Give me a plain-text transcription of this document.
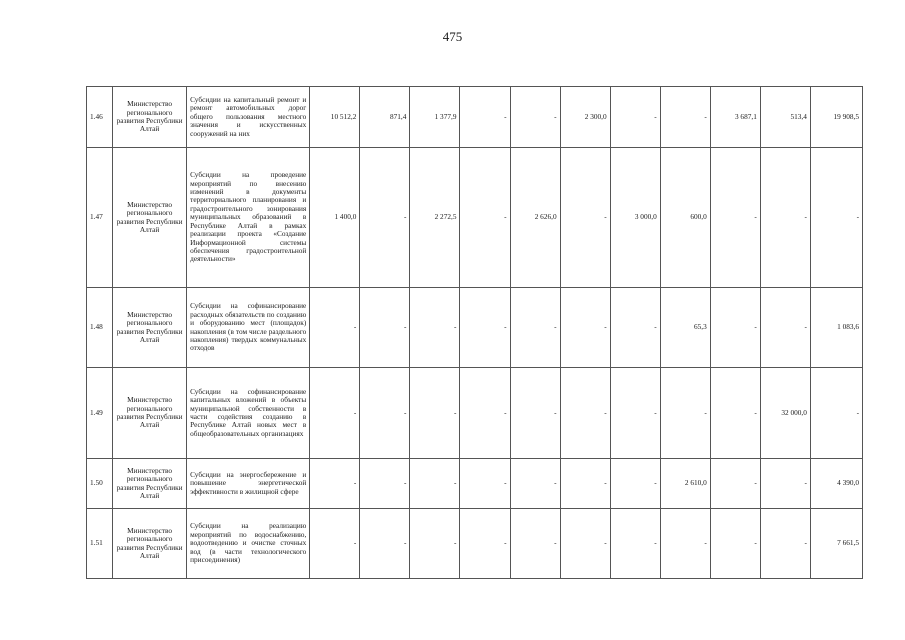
475
1.46	Министерство регионального развития Республики Алтай	Субсидии на капитальный ремонт и ремонт автомобильных дорог общего пользования местного значения и искусственных сооружений на них	10 512,2	871,4	1 377,9	-	-	2 300,0	-	-	3 687,1	513,4	19 908,5
1.47	Министерство регионального развития Республики Алтай	Субсидии на проведение мероприятий по внесению изменений в документы территориального планирования и градостроительного зонирования муниципальных образований в Республике Алтай в рамках реализации проекта «Создание Информационной системы обеспечения градостроительной деятельности»	1 400,0	-	2 272,5	-	2 626,0	-	3 000,0	600,0	-	-	-
1.48	Министерство регионального развития Республики Алтай	Субсидии на софинансирование расходных обязательств по созданию и оборудованию мест (площадок) накопления (в том числе раздельного накопления) твердых коммунальных отходов	-	-	-	-	-	-	-	65,3	-	-	1 083,6
1.49	Министерство регионального развития Республики Алтай	Субсидии на софинансирование капитальных вложений в объекты муниципальной собственности в части содействия созданию в Республике Алтай новых мест в общеобразовательных организациях	-	-	-	-	-	-	-	-	-	32 000,0	-
1.50	Министерство регионального развития Республики Алтай	Субсидии на энергосбережение и повышение энергетической эффективности в жилищной сфере	-	-	-	-	-	-	-	2 610,0	-	-	4 390,0
1.51	Министерство регионального развития Республики Алтай	Субсидии на реализацию мероприятий по водоснабжению, водоотведению и очистке сточных вод (в части технологического присоединения)	-	-	-	-	-	-	-	-	-	-	7 661,5
